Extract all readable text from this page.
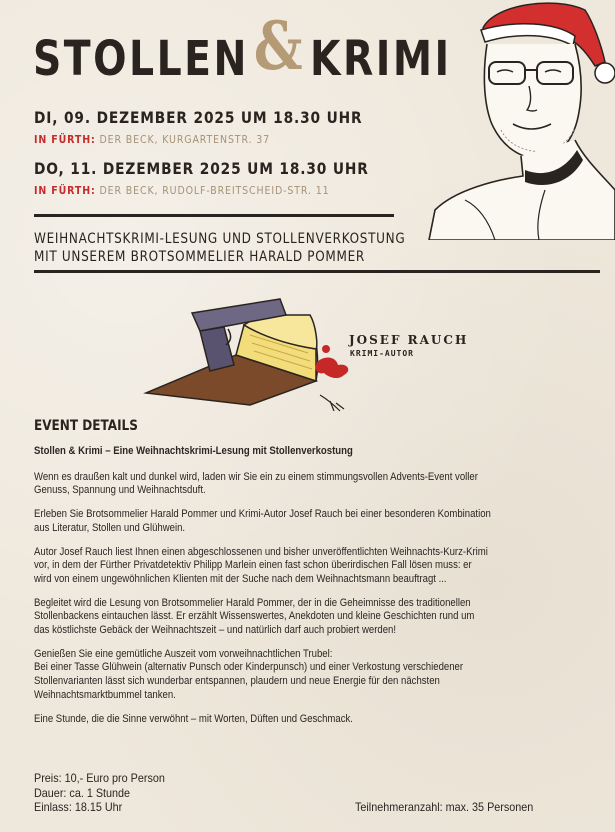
STOLLEN& KRIMI
DI, 09. DEZEMBER 2025 UM 18.30 UHR
IN FÜRTH: DER BECK, KURGARTENSTR. 37
DO, 11. DEZEMBER 2025 UM 18.30 UHR
IN FÜRTH: DER BECK, RUDOLF-BREITSCHEID-STR. 11
WEIHNACHTSKRIMI-LESUNG UND STOLLENVERKOSTUNG
MIT UNSEREM BROTSOMMELIER HARALD POMMER
JOSEF RAUCH
KRIMI-AUTOR
EVENT DETAILS

Stollen & Krimi – Eine Weihnachtskrimi-Lesung mit Stollenverkostung

Wenn es draußen kalt und dunkel wird, laden wir Sie ein zu einem stimmungsvollen Advents-Event voller
Genuss, Spannung und Weihnachtsduft.

Erleben Sie Brotsommelier Harald Pommer und Krimi-Autor Josef Rauch bei einer besonderen Kombination
aus Literatur, Stollen und Glühwein.

Autor Josef Rauch liest Ihnen einen abgeschlossenen und bisher unveröffentlichten Weihnachts-Kurz-Krimi
vor, in dem der Fürther Privatdetektiv Philipp Marlein einen fast schon überirdischen Fall lösen muss: er
wird von einem ungewöhnlichen Klienten mit der Suche nach dem Weihnachtsmann beauftragt ...

Begleitet wird die Lesung von Brotsommelier Harald Pommer, der in die Geheimnisse des traditionellen
Stollenbackens eintauchen lässt. Er erzählt Wissenswertes, Anekdoten und kleine Geschichten rund um
das köstlichste Gebäck der Weihnachtszeit – und natürlich darf auch probiert werden!

Genießen Sie eine gemütliche Auszeit vom vorweihnachtlichen Trubel:
Bei einer Tasse Glühwein (alternativ Punsch oder Kinderpunsch) und einer Verkostung verschiedener
Stollenvarianten lässt sich wunderbar entspannen, plaudern und neue Energie für den nächsten
Weihnachtsmarktbummel tanken.

Eine Stunde, die die Sinne verwöhnt – mit Worten, Düften und Geschmack.

Preis: 10,- Euro pro Person
Dauer: ca. 1 Stunde
Einlass: 18.15 Uhr	Teilnehmeranzahl: max. 35 Personen
